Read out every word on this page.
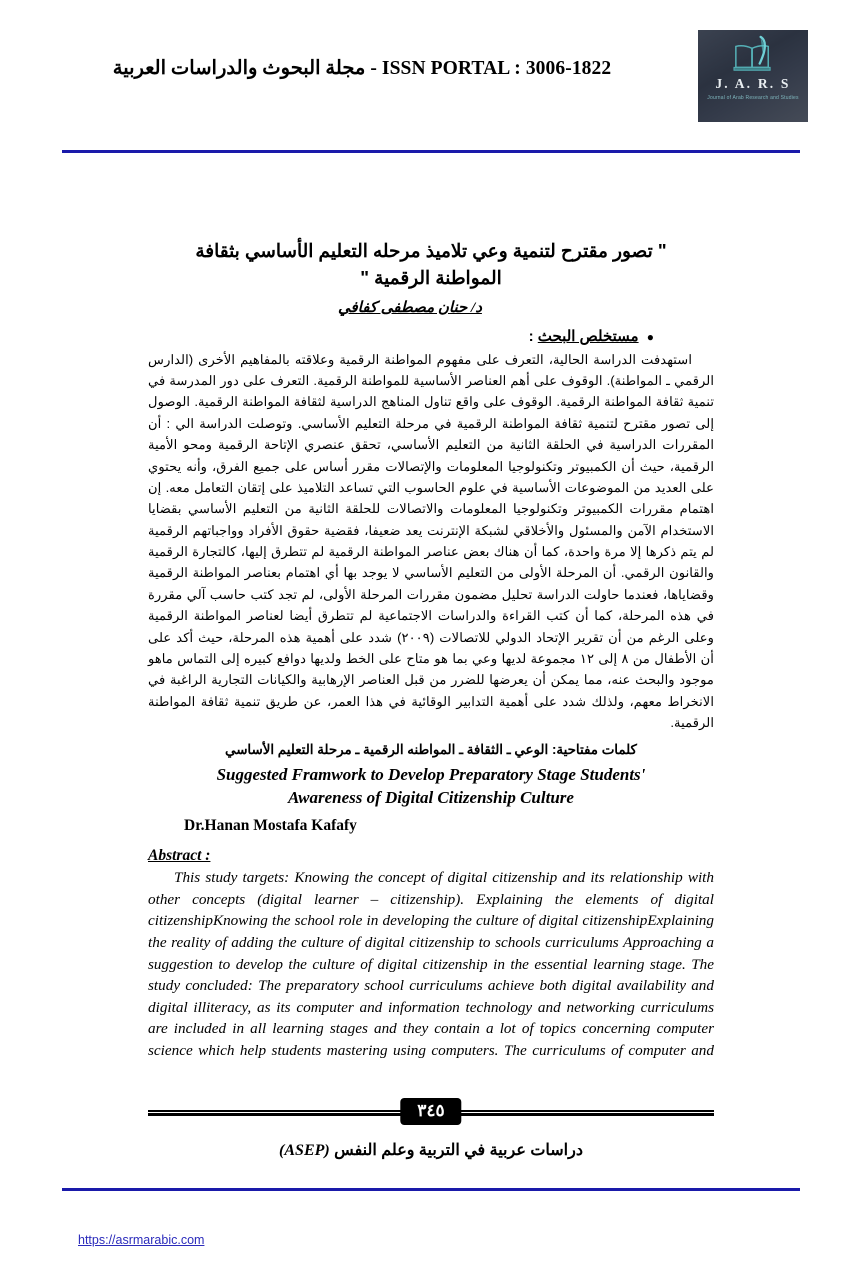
ISSN PORTAL : 3006-1822 - مجلة البحوث والدراسات العربية
J. A. R. S
Journal of Arab Research and Studies
" تصور مقترح لتنمية وعي تلاميذ مرحله التعليم الأساسي بثقافة
المواطنة الرقمية "
د/ حنان مصطفى كفافي
● مستخلص البحث :

استهدفت الدراسة الحالية، التعرف على مفهوم المواطنة الرقمية وعلاقته بالمفاهيم الأخرى (الدارس الرقمي ـ المواطنة). الوقوف على أهم العناصر الأساسية للمواطنة الرقمية. التعرف على دور المدرسة في تنمية ثقافة المواطنة الرقمية. الوقوف على واقع تناول المناهج الدراسية لثقافة المواطنة الرقمية. الوصول إلى تصور مقترح لتنمية ثقافة المواطنة الرقمية في مرحلة التعليم الأساسي. وتوصلت الدراسة الي : أن المقررات الدراسية في الحلقة الثانية من التعليم الأساسي، تحقق عنصري الإتاحة الرقمية ومحو الأمية الرقمية، حيث أن الكمبيوتر وتكنولوجيا المعلومات والإتصالات مقرر أساس على جميع الفرق، وأنه يحتوي على العديد من الموضوعات الأساسية في علوم الحاسوب التي تساعد التلاميذ على إتقان التعامل معه. إن اهتمام مقررات الكمبيوتر وتكنولوجيا المعلومات والاتصالات للحلقة الثانية من التعليم الأساسي بقضايا الاستخدام الآمن والمسئول والأخلاقي لشبكة الإنترنت يعد ضعيفا، فقضية حقوق الأفراد وواجباتهم الرقمية لم يتم ذكرها إلا مرة واحدة، كما أن هناك بعض عناصر المواطنة الرقمية لم تتطرق إليها، كالتجارة الرقمية والقانون الرقمي. أن المرحلة الأولى من التعليم الأساسي لا يوجد بها أي اهتمام بعناصر المواطنة الرقمية وقضاياها، فعندما حاولت الدراسة تحليل مضمون مقررات المرحلة الأولى، لم تجد كتب حاسب آلي مقررة في هذه المرحلة، كما أن كتب القراءة والدراسات الاجتماعية لم تتطرق أيضا لعناصر المواطنة الرقمية وعلى الرغم من أن تقرير الإتحاد الدولي للاتصالات (٢٠٠٩) شدد على أهمية هذه المرحلة، حيث أكد على أن الأطفال من ٨ إلى ١٢ مجموعة لديها وعي بما هو متاح على الخط ولديها دوافع كبيره إلى التماس ماهو موجود والبحث عنه، مما يمكن أن يعرضها للضرر من قبل العناصر الإرهابية والكيانات التجارية الراغبة في الانخراط معهم، ولذلك شدد على أهمية التدابير الوقائية في هذا العمر، عن طريق تنمية ثقافة المواطنة الرقمية.

كلمات مفتاحية: الوعي ـ الثقافة ـ المواطنه الرقمية ـ مرحلة التعليم الأساسي
Suggested Framwork to Develop Preparatory Stage Students'
Awareness of Digital Citizenship Culture
Dr.Hanan Mostafa Kafafy
Abstract :

This study targets: Knowing the concept of digital citizenship and its relationship with other concepts (digital learner – citizenship). Explaining the elements of digital citizenshipKnowing the school role in developing the culture of digital citizenshipExplaining the reality of adding the culture of digital citizenship to schools curriculums Approaching a suggestion to develop the culture of digital citizenship in the essential learning stage. The study concluded: The preparatory school curriculums achieve both digital availability and digital illiteracy, as its computer and information technology and networking curriculums are included in all learning stages and they contain a lot of topics concerning computer science which help students mastering using computers. The curriculums of computer and

٣٤٥
دراسات عربية في التربية وعلم النفس (ASEP)
https://asrmarabic.com
